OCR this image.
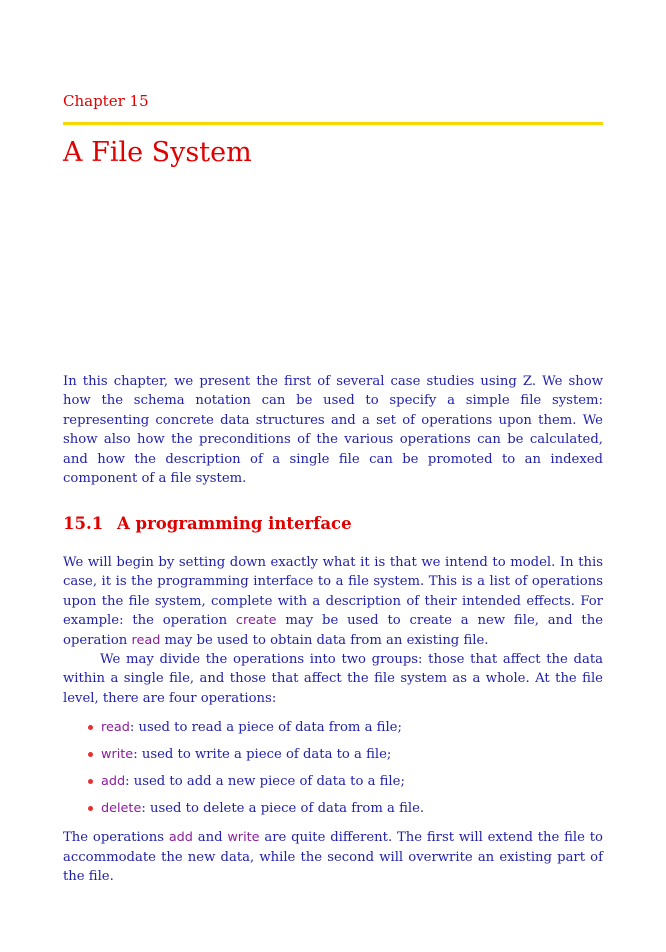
Chapter 15

A File System

In this chapter, we present the first of several case studies using Z. We show how the schema notation can be used to specify a simple file system: representing concrete data structures and a set of operations upon them. We show also how the preconditions of the various operations can be calculated, and how the description of a single file can be promoted to an indexed component of a file system.

15.1 A programming interface

We will begin by setting down exactly what it is that we intend to model. In this case, it is the programming interface to a file system. This is a list of operations upon the file system, complete with a description of their intended effects. For example: the operation create may be used to create a new file, and the operation read may be used to obtain data from an existing file.

We may divide the operations into two groups: those that affect the data within a single file, and those that affect the file system as a whole. At the file level, there are four operations:

read: used to read a piece of data from a file;
write: used to write a piece of data to a file;
add: used to add a new piece of data to a file;
delete: used to delete a piece of data from a file.

The operations add and write are quite different. The first will extend the file to accommodate the new data, while the second will overwrite an existing part of the file.
